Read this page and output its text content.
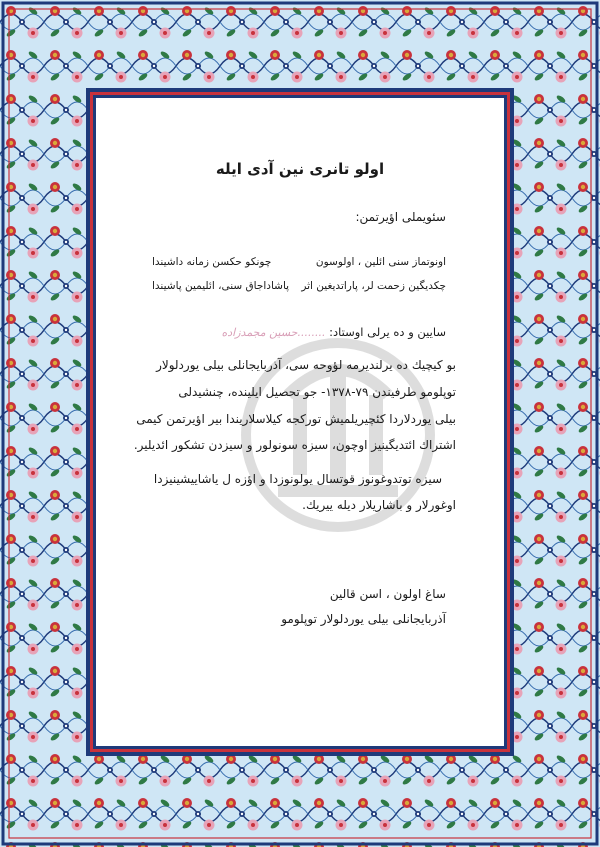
اولو تانرى نين آدى ايله
سئويملى اؤيرتمن:
اونوتماز سنى ائلين ، اولوسون
چونكو حكسن زمانه داشيندا
چكديگين زحمت لر، پاراتديغين اثر
پاشاداجاق سنى، ائليمين پاشيندا
سايين و ده يرلى اوستاد: ........حسين مجمدزاده
بو كيچيك ده يرلنديرمه لؤوحه سى، آذربايجانلى بيلى يوردلولار
توپلومو طرفيندن ۷۹-۱۳۷۸- جو تحصيل ايلينده، چنشيدلى
بيلى يوردلاردا كئچيريلميش توركجه كيلاسلاريندا بير اؤيرتمن كيمى
اشتراك ائتديگينيز اوچون، سيزه سونولور و سيزدن تشكور ائديلير.
سيزه توتدوغونوز قوتسال يولونوزدا و اؤزه ل ياشاييشينيزدا
اوغورلار و باشاريلار ديله ييريك.
ساغ اولون ، اسن قالين
آذربايجانلى بيلى يوردلولار توپلومو
